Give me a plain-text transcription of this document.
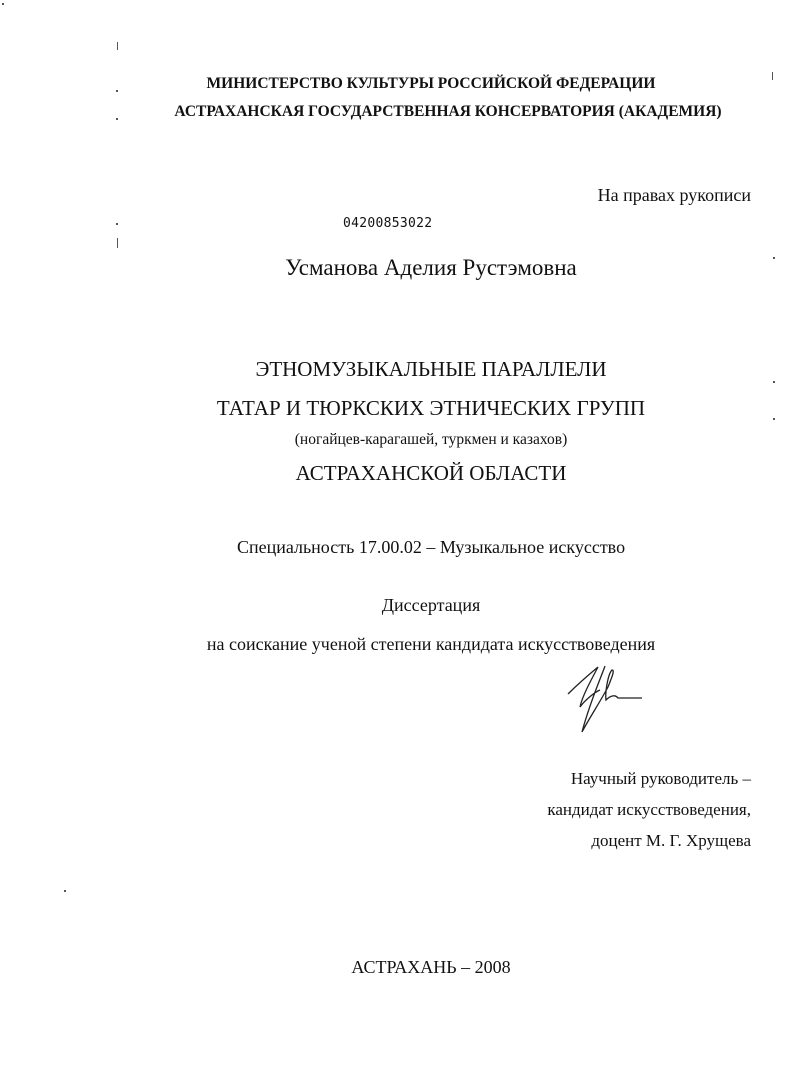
МИНИСТЕРСТВО КУЛЬТУРЫ РОССИЙСКОЙ ФЕДЕРАЦИИ
АСТРАХАНСКАЯ ГОСУДАРСТВЕННАЯ КОНСЕРВАТОРИЯ (АКАДЕМИЯ)
На правах рукописи
04200853022
Усманова Аделия Рустэмовна
ЭТНОМУЗЫКАЛЬНЫЕ ПАРАЛЛЕЛИ
ТАТАР И ТЮРКСКИХ ЭТНИЧЕСКИХ ГРУПП
(ногайцев-карагашей, туркмен и казахов)
АСТРАХАНСКОЙ ОБЛАСТИ
Специальность 17.00.02 – Музыкальное искусство
Диссертация
на соискание ученой степени кандидата искусствоведения
Научный руководитель –
кандидат искусствоведения,
доцент М. Г. Хрущева
АСТРАХАНЬ – 2008
